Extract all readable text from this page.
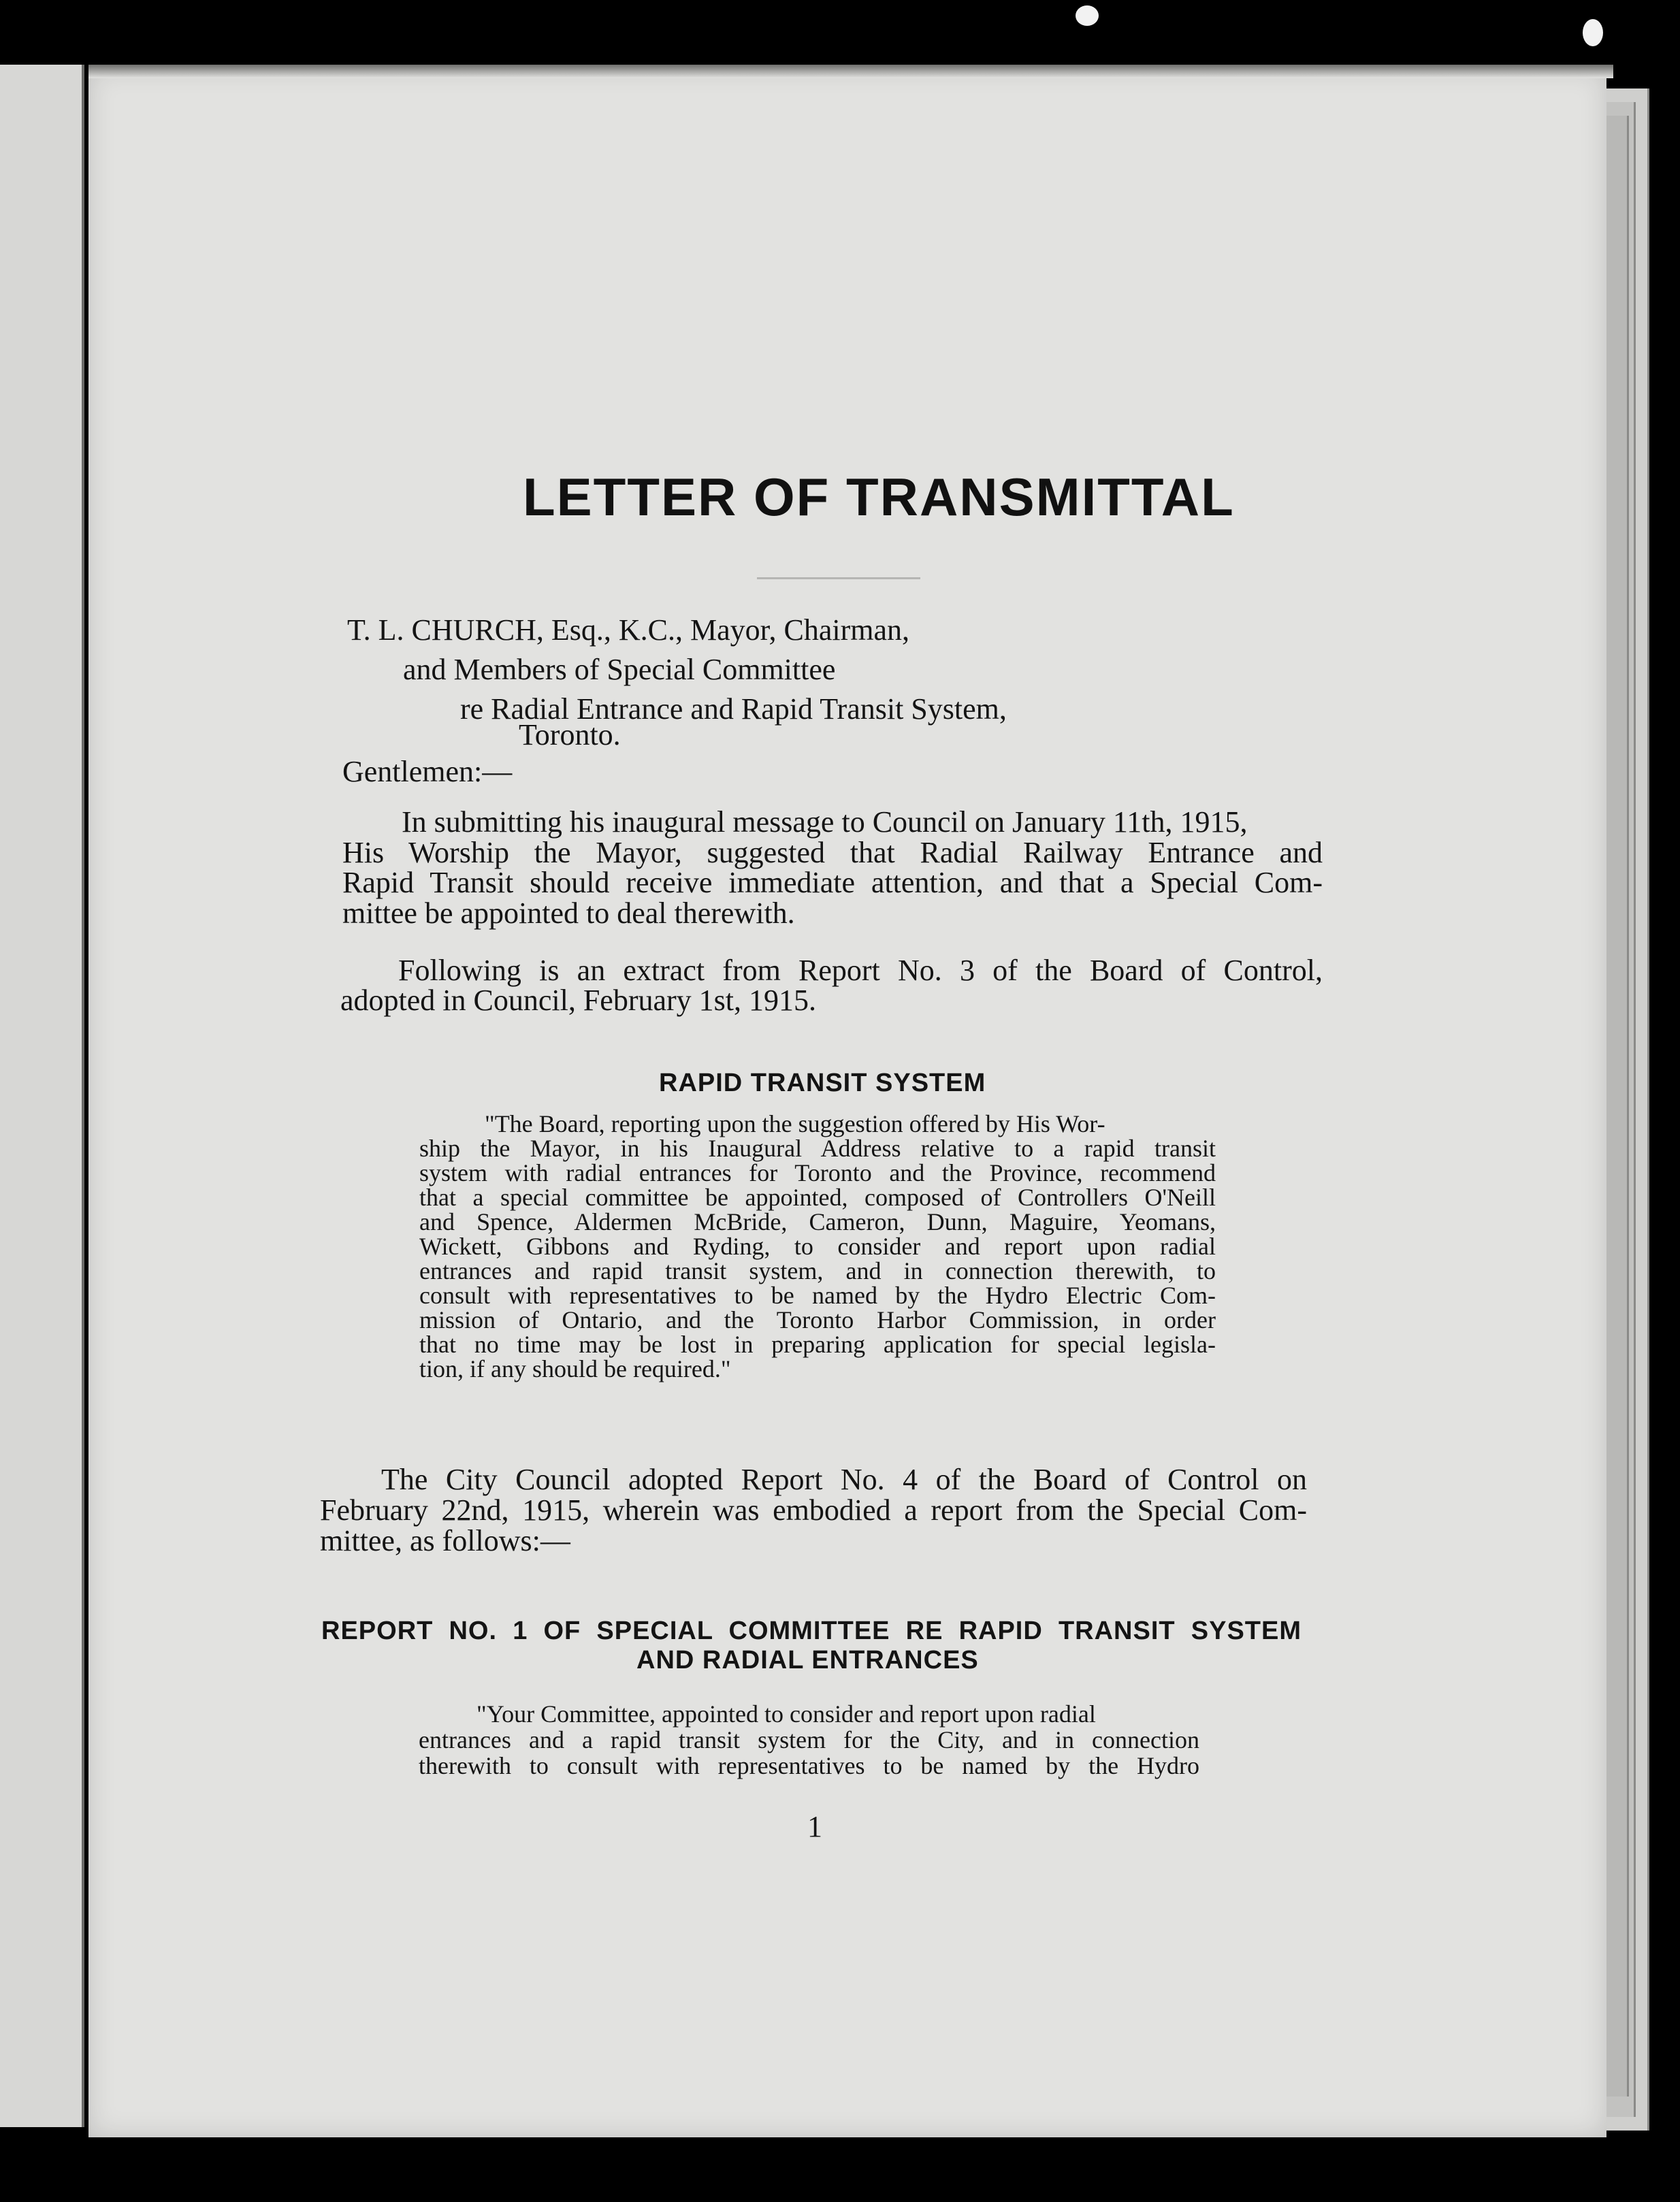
LETTER OF TRANSMITTAL
T. L. CHURCH, Esq., K.C., Mayor, Chairman,
and Members of Special Committee
re Radial Entrance and Rapid Transit System,
Toronto.
Gentlemen:—
In submitting his inaugural message to Council on January 11th, 1915,
His Worship the Mayor, suggested that Radial Railway Entrance and
Rapid Transit should receive immediate attention, and that a Special Com-
mittee be appointed to deal therewith.
Following is an extract from Report No. 3 of the Board of Control,
adopted in Council, February 1st, 1915.
RAPID TRANSIT SYSTEM
"The Board, reporting upon the suggestion offered by His Wor-
ship the Mayor, in his Inaugural Address relative to a rapid transit
system with radial entrances for Toronto and the Province, recommend
that a special committee be appointed, composed of Controllers O'Neill
and Spence, Aldermen McBride, Cameron, Dunn, Maguire, Yeomans,
Wickett, Gibbons and Ryding, to consider and report upon radial
entrances and rapid transit system, and in connection therewith, to
consult with representatives to be named by the Hydro Electric Com-
mission of Ontario, and the Toronto Harbor Commission, in order
that no time may be lost in preparing application for special legisla-
tion, if any should be required."
The City Council adopted Report No. 4 of the Board of Control on
February 22nd, 1915, wherein was embodied a report from the Special Com-
mittee, as follows:—
REPORT NO. 1 OF SPECIAL COMMITTEE RE RAPID TRANSIT SYSTEM
AND RADIAL ENTRANCES
"Your Committee, appointed to consider and report upon radial
entrances and a rapid transit system for the City, and in connection
therewith to consult with representatives to be named by the Hydro
1
